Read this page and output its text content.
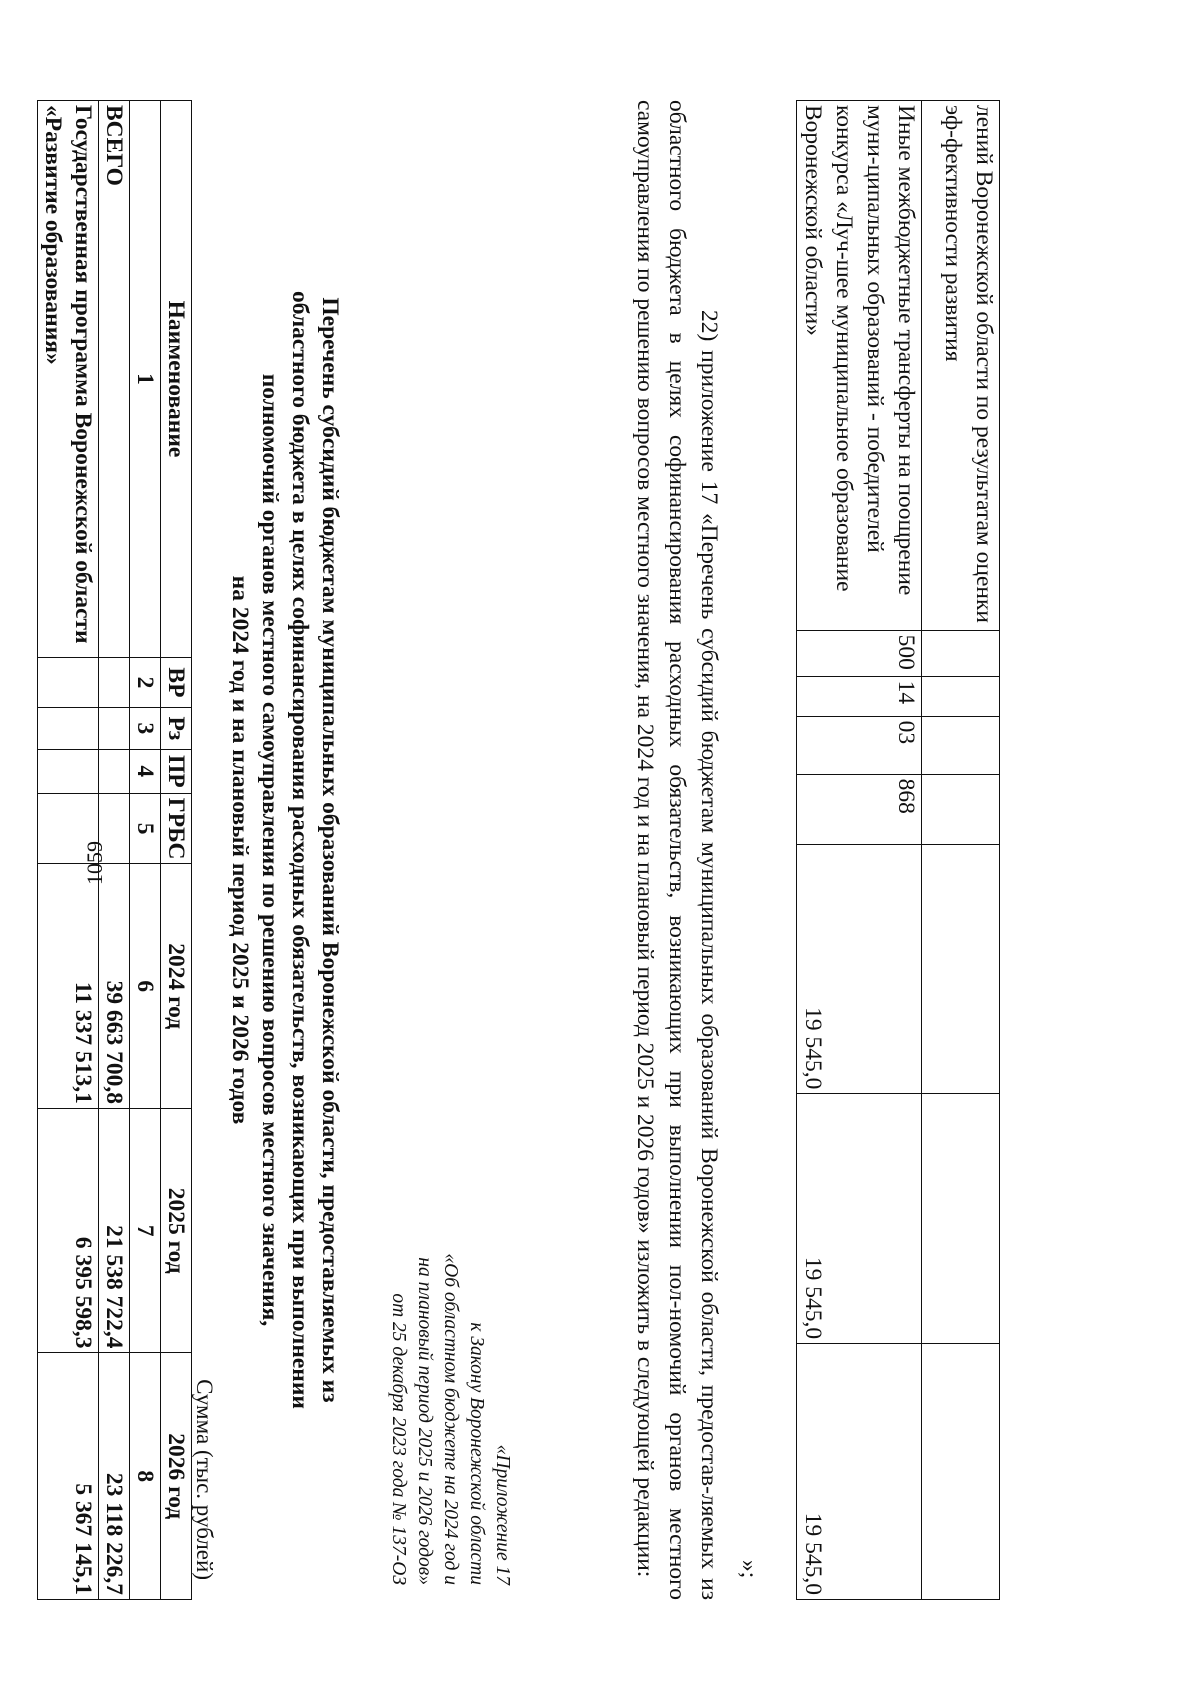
1059
лений Воронежской области по результатам оценки эф-фективности развития							
Иные межбюджетные трансферты на поощрение муни-ципальных образований - победителей конкурса «Луч-шее муниципальное образование Воронежской области»	500	14	03	868	19 545,0	19 545,0	19 545,0
»;
22) приложение 17 «Перечень субсидий бюджетам муниципальных образований Воронежской области, предостав-ляемых из областного бюджета в целях софинансирования расходных обязательств, возникающих при выполнении пол-номочий органов местного самоуправления по решению вопросов местного значения, на 2024 год и на плановый период 2025 и 2026 годов» изложить в следующей редакции:
«Приложение 17
к Закону Воронежской области
«Об областном бюджете на 2024 год и
на плановый период 2025 и 2026 годов»
от 25 декабря 2023 года № 137-ОЗ
Перечень субсидий бюджетам муниципальных образований Воронежской области, предоставляемых из
областного бюджета в целях софинансирования расходных обязательств, возникающих при выполнении
полномочий органов местного самоуправления по решению вопросов местного значения,
на 2024 год и на плановый период 2025 и 2026 годов
Сумма (тыс. рублей)
Наименование	ВР	Рз	ПР	ГРБС	2024 год	2025 год	2026 год
1	2	3	4	5	6	7	8
ВСЕГО					39 663 700,8	21 538 722,4	23 118 226,7
Государственная программа Воронежской области «Развитие образования»					11 337 513,1	6 395 598,3	5 367 145,1
